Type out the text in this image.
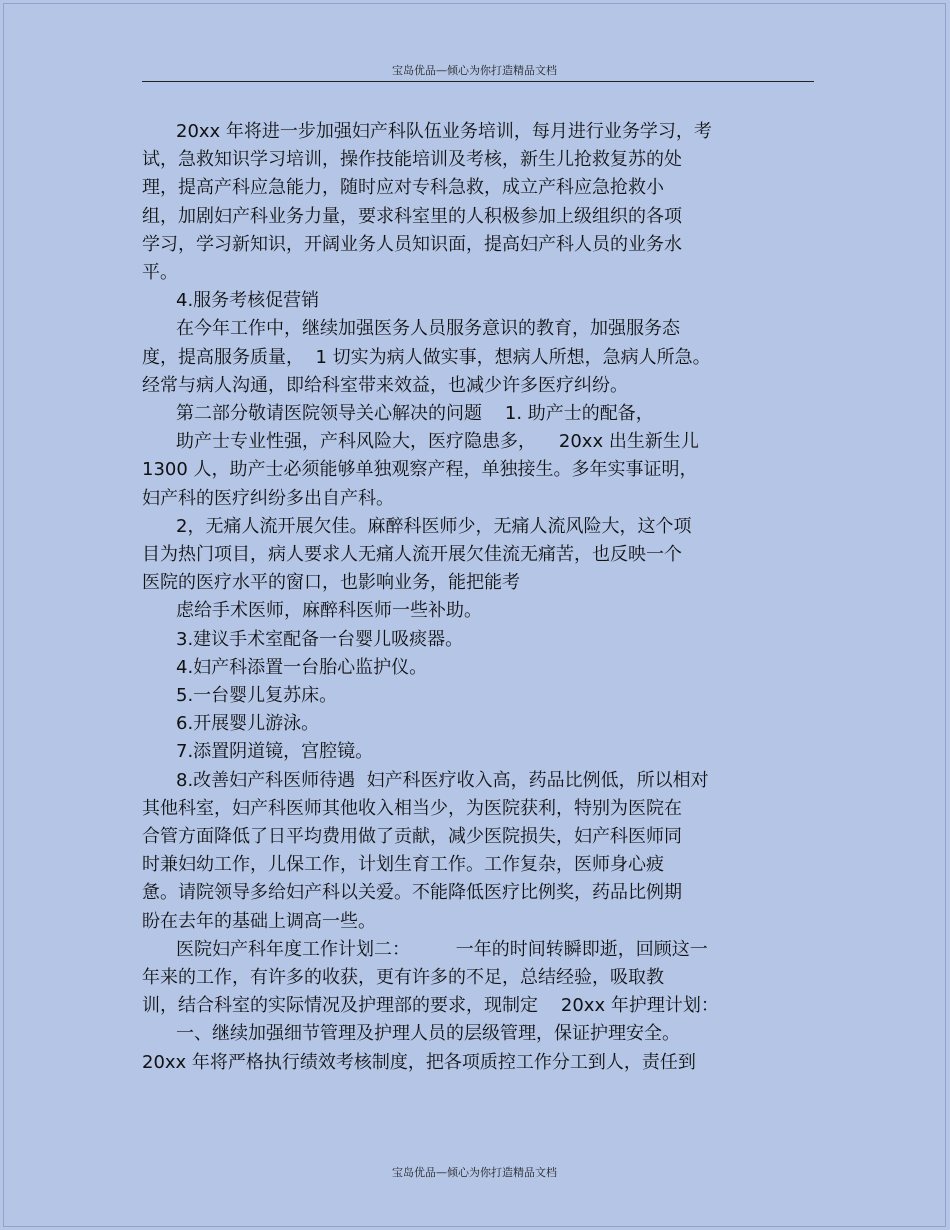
宝岛优品—倾心为你打造精品文档
20xx 年将进一步加强妇产科队伍业务培训，每月进行业务学习，考
试，急救知识学习培训，操作技能培训及考核，新生儿抢救复苏的处
理，提高产科应急能力，随时应对专科急救，成立产科应急抢救小
组，加剧妇产科业务力量，要求科室里的人积极参加上级组织的各项
学习，学习新知识，开阔业务人员知识面，提高妇产科人员的业务水
平。
4.服务考核促营销
在今年工作中，继续加强医务人员服务意识的教育，加强服务态
度，提高服务质量，  1 切实为病人做实事，想病人所想，急病人所急。
经常与病人沟通，即给科室带来效益，也减少许多医疗纠纷。
第二部分敬请医院领导关心解决的问题    1. 助产士的配备，
助产士专业性强，产科风险大，医疗隐患多，    20xx 出生新生儿
1300 人，助产士必须能够单独观察产程，单独接生。多年实事证明，
妇产科的医疗纠纷多出自产科。
2，无痛人流开展欠佳。麻醉科医师少，无痛人流风险大，这个项
目为热门项目，病人要求人无痛人流开展欠佳流无痛苦，也反映一个
医院的医疗水平的窗口，也影响业务，能把能考
虑给手术医师，麻醉科医师一些补助。
3.建议手术室配备一台婴儿吸痰器。
4.妇产科添置一台胎心监护仪。
5.一台婴儿复苏床。
6.开展婴儿游泳。
7.添置阴道镜，宫腔镜。
8.改善妇产科医师待遇  妇产科医疗收入高，药品比例低，所以相对
其他科室，妇产科医师其他收入相当少，为医院获利，特别为医院在
合管方面降低了日平均费用做了贡献，减少医院损失，妇产科医师同
时兼妇幼工作，儿保工作，计划生育工作。工作复杂，医师身心疲
惫。请院领导多给妇产科以关爱。不能降低医疗比例奖，药品比例期
盼在去年的基础上调高一些。
医院妇产科年度工作计划二：        一年的时间转瞬即逝，回顾这一
年来的工作，有许多的收获，更有许多的不足，总结经验，吸取教
训，结合科室的实际情况及护理部的要求，现制定    20xx 年护理计划：
一、继续加强细节管理及护理人员的层级管理，保证护理安全。
20xx 年将严格执行绩效考核制度，把各项质控工作分工到人，责任到
宝岛优品—倾心为你打造精品文档
